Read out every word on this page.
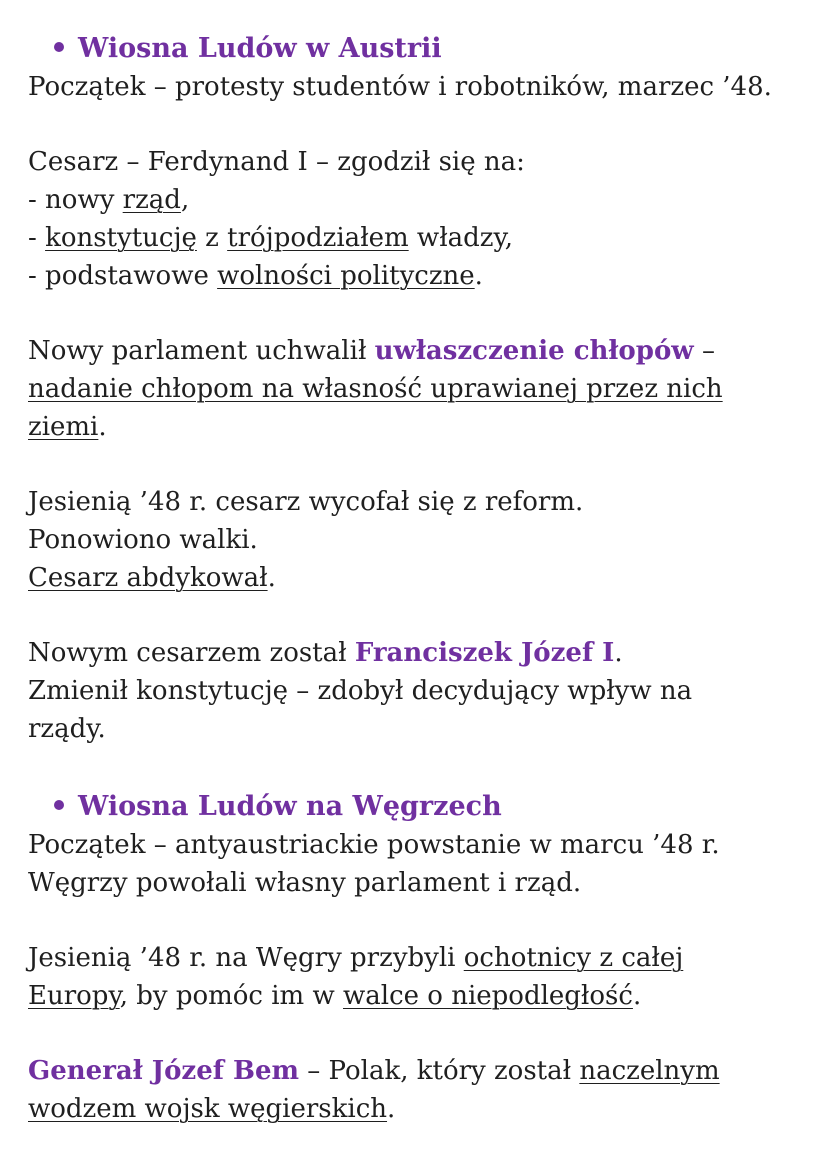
Wiosna Ludów w Austrii

Początek – protesty studentów i robotników, marzec ’48.

Cesarz – Ferdynand I – zgodził się na:

- nowy rząd,

- konstytucję z trójpodziałem władzy,

- podstawowe wolności polityczne.

Nowy parlament uchwalił uwłaszczenie chłopów –

nadanie chłopom na własność uprawianej przez nich

ziemi.

Jesienią ’48 r. cesarz wycofał się z reform.

Ponowiono walki.

Cesarz abdykował.

Nowym cesarzem został Franciszek Józef I.

Zmienił konstytucję – zdobył decydujący wpływ na

rządy.

Wiosna Ludów na Węgrzech

Początek – antyaustriackie powstanie w marcu ’48 r.

Węgrzy powołali własny parlament i rząd.

Jesienią ’48 r. na Węgry przybyli ochotnicy z całej

Europy, by pomóc im w walce o niepodległość.

Generał Józef Bem – Polak, który został naczelnym

wodzem wojsk węgierskich.
